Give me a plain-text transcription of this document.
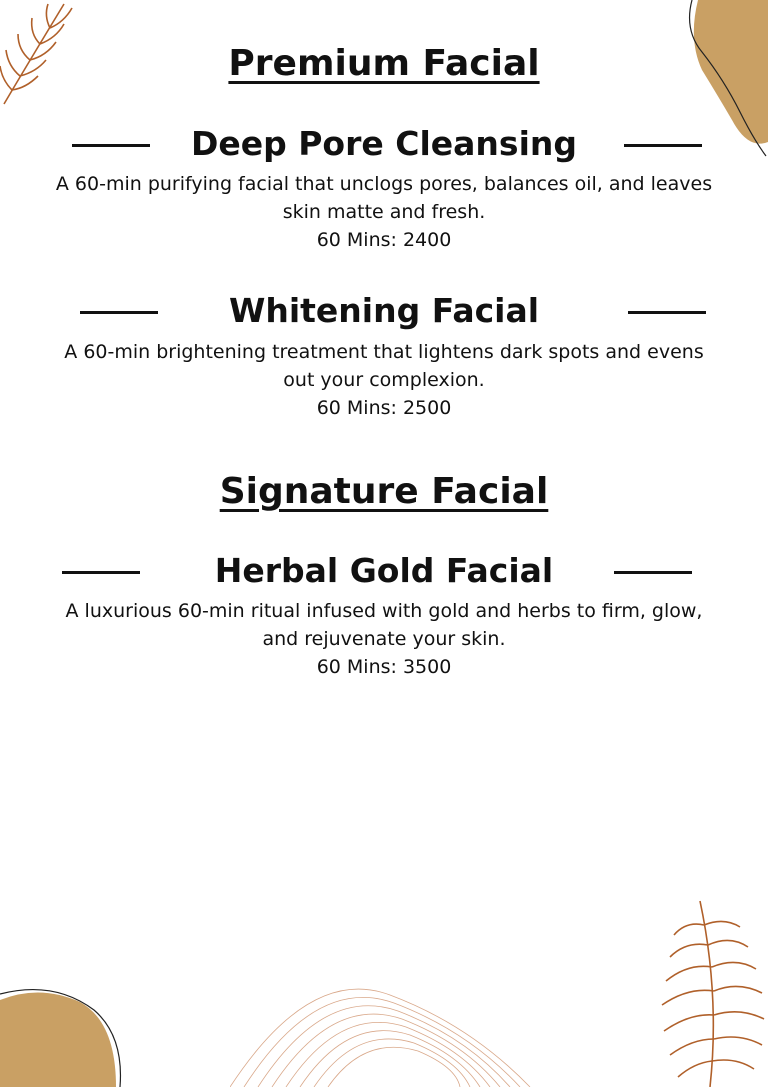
Premium Facial
Deep Pore Cleansing

A 60-min purifying facial that unclogs pores, balances oil, and leaves skin matte and fresh.
60 Mins: 2400

Whitening Facial

A 60-min brightening treatment that lightens dark spots and evens out your complexion.
60 Mins: 2500

Signature Facial
Herbal Gold Facial

A luxurious 60-min ritual infused with gold and herbs to firm, glow, and rejuvenate your skin.
60 Mins: 3500
